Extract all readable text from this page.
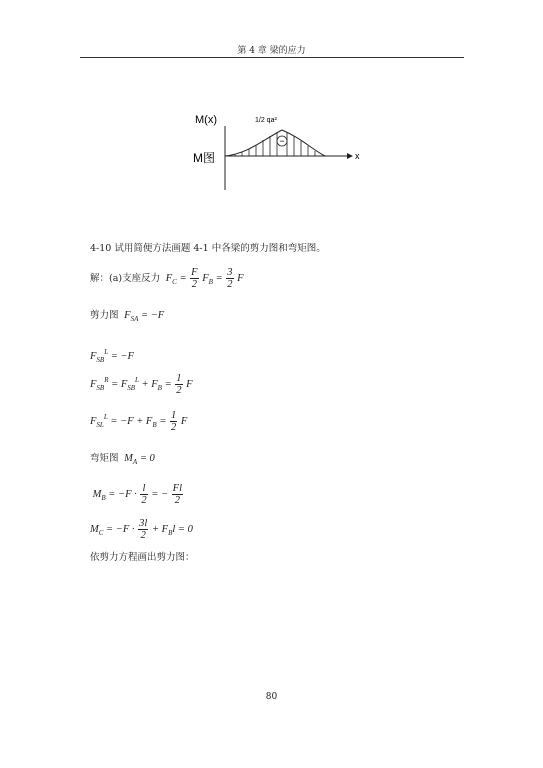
第 4 章 梁的应力
−
M(x)	1/2 qa²
x
M图
4-10 试用简便方法画题 4-1 中各梁的剪力图和弯矩图。
解：(a)支座反力  $F_C = \frac{F}{2} F_B = \frac{3}{2}$ F
剪力图  $F_{SA} = -F$
$F_{SB}^L = -F$
$F_{SB}^R = F_{SB}^L + F_B = \frac{1}{2}$ F
$F_{SL}^L = -F + F_B = \frac{1}{2}$ F
弯矩图  $M_A = 0$
$M_B = -F \cdot \frac{l}{2}$ = − $\frac{Fl}{2}$
$M_C = -F \cdot \frac{3l}{2} + F_Bl = 0$
依剪力方程画出剪力图：
80
